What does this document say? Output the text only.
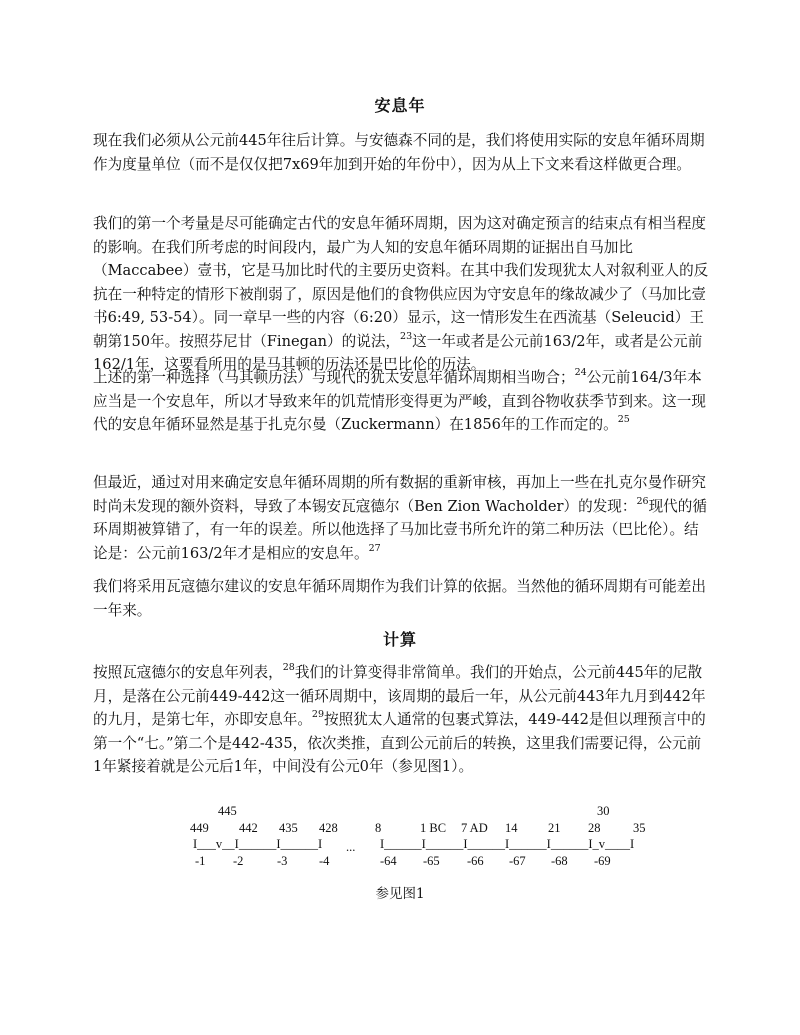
安息年

现在我们必须从公元前445年往后计算。与安德森不同的是，我们将使用实际的安息年循环周期作为度量单位（而不是仅仅把7x69年加到开始的年份中），因为从上下文来看这样做更合理。

我们的第一个考量是尽可能确定古代的安息年循环周期，因为这对确定预言的结束点有相当程度的影响。在我们所考虑的时间段内，最广为人知的安息年循环周期的证据出自马加比（Maccabee）壹书，它是马加比时代的主要历史资料。在其中我们发现犹太人对叙利亚人的反抗在一种特定的情形下被削弱了，原因是他们的食物供应因为守安息年的缘故减少了（马加比壹书6:49, 53-54）。同一章早一些的内容（6:20）显示，这一情形发生在西流基（Seleucid）王朝第150年。按照芬尼甘（Finegan）的说法，$^{23}$这一年或者是公元前163/2年，或者是公元前162/1年，这要看所用的是马其顿的历法还是巴比伦的历法。

上述的第一种选择（马其顿历法）与现代的犹太安息年循环周期相当吻合；$^{24}$公元前164/3年本应当是一个安息年，所以才导致来年的饥荒情形变得更为严峻，直到谷物收获季节到来。这一现代的安息年循环显然是基于扎克尔曼（Zuckermann）在1856年的工作而定的。$^{25}$

但最近，通过对用来确定安息年循环周期的所有数据的重新审核，再加上一些在扎克尔曼作研究时尚未发现的额外资料，导致了本锡安瓦寇德尔（Ben Zion Wacholder）的发现：$^{26}$现代的循环周期被算错了，有一年的误差。所以他选择了马加比壹书所允许的第二种历法（巴比伦）。结论是：公元前163/2年才是相应的安息年。$^{27}$

我们将采用瓦寇德尔建议的安息年循环周期作为我们计算的依据。当然他的循环周期有可能差出一年来。

计算

按照瓦寇德尔的安息年列表，$^{28}$我们的计算变得非常简单。我们的开始点，公元前445年的尼散月，是落在公元前449-442这一循环周期中，该周期的最后一年，从公元前443年九月到442年的九月，是第七年，亦即安息年。$^{29}$按照犹太人通常的包裹式算法，449-442是但以理预言中的第一个“七。”第二个是442-435，依次类推，直到公元前后的转换，这里我们需要记得，公元前1年紧接着就是公元后1年，中间没有公元0年（参见图1）。

445	30
449 442 435 428	8	1 BC 7 AD 14 21 28	35
I___v__I______I______I ... I______I______I______I______I______I_v____I
-1 -2	-3	-4	-64 -65 -66 -67 -68 -69
参见图1
